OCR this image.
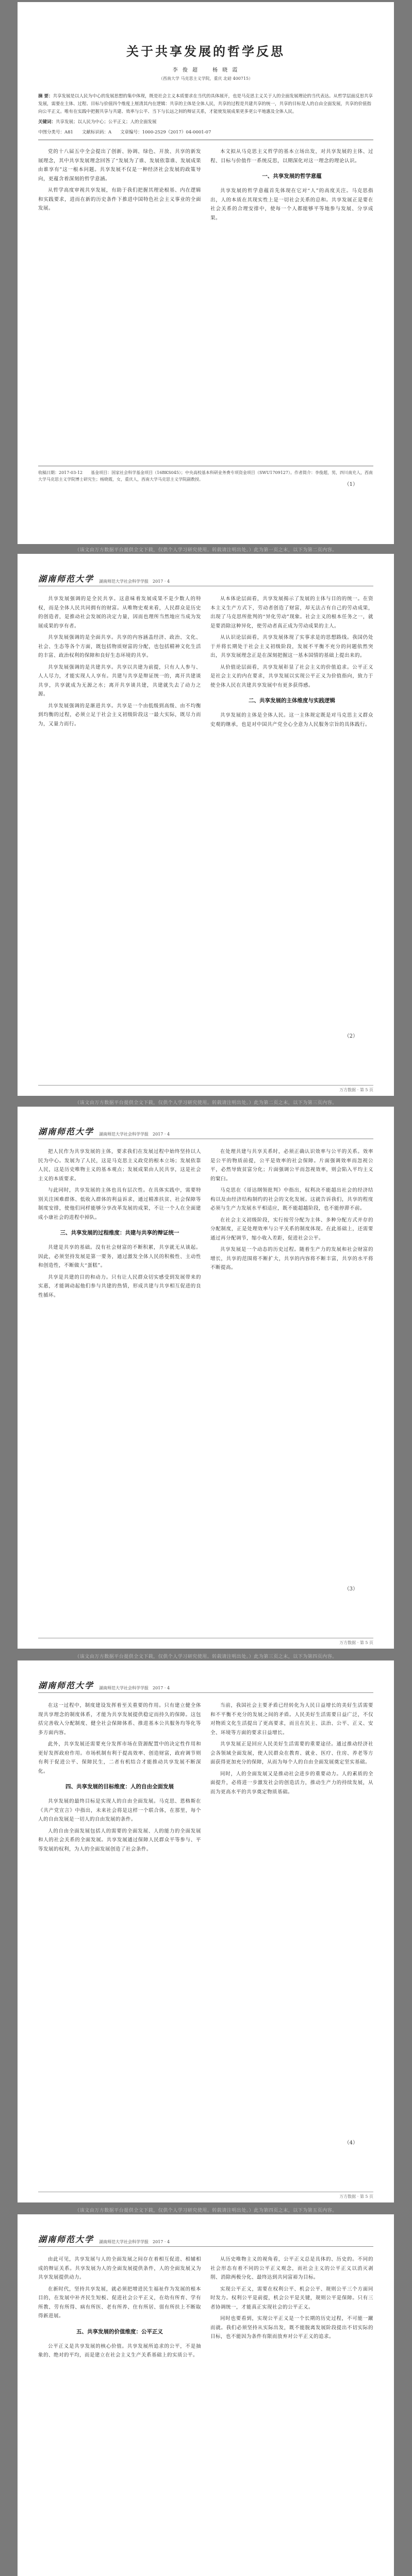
关于共享发展的哲学反思
李 俊 超　　杨 晓 霞
（西南大学 马克思主义学院，重庆 北碚 400715）

摘 要：共享发展是以人民为中心的发展思想的集中体现，既是社会主义本质要求在当代的具体展开，也是马克思主义关于人的全面发展理论的当代表达。从哲学层面反思共享发展，需要在主体、过程、目标与价值四个维度上厘清其内在逻辑：共享的主体是全体人民，共享的过程是共建共享的统一，共享的目标是人的自由全面发展，共享的价值指向公平正义。唯有在实践中把握共享与共建、效率与公平、当下与长远之间的辩证关系，才能使发展成果更多更公平地惠及全体人民。

关键词：共享发展；以人民为中心；公平正义；人的全面发展

中图分类号：A81　　文献标识码：A　　文章编号：1000-2529（2017）04-0001-07

党的十八届五中全会提出了创新、协调、绿色、开放、共享的新发展理念，其中共享发展理念回答了“发展为了谁、发展依靠谁、发展成果由谁享有”这一根本问题。共享发展不仅是一种经济社会发展的政策导向，更蕴含着深刻的哲学意涵。

从哲学高度审视共享发展，有助于我们把握其理论根基、内在逻辑和实践要求，进而在新的历史条件下推进中国特色社会主义事业的全面发展。

本文拟从马克思主义哲学的基本立场出发，对共享发展的主体、过程、目标与价值作一系统反思，以期深化对这一理念的理论认识。

一、共享发展的哲学意蕴

共享发展的哲学意蕴首先体现在它对“人”的高度关注。马克思指出，人的本质在其现实性上是一切社会关系的总和。共享发展正是要在社会关系的合理安排中，使每一个人都能够平等地参与发展、分享成果。

收稿日期：2017-03-12　　基金项目：国家社会科学基金项目（16BKS045）；中央高校基本科研业务费专项资金项目（SWU1709127）。作者简介：李俊超，男，四川南充人，西南大学马克思主义学院博士研究生；杨晓霞，女，重庆人，西南大学马克思主义学院副教授。
（1）
（该文由万方数据平台提供全文下载，仅供个人学习研究使用。转载请注明出处。）此为第一页之末，以下为第二页内容。
湖南师范大学 湖南师范大学社会科学学报　2017 · 4

共享发展强调的是全民共享。这意味着发展成果不是少数人的特权，而是全体人民共同拥有的财富。从唯物史观来看，人民群众是历史的创造者，是推动社会发展的决定力量，因而也理所当然地应当成为发展成果的享有者。

共享发展强调的是全面共享。共享的内容涵盖经济、政治、文化、社会、生态等各个方面，既包括物质财富的分配，也包括精神文化生活的丰富、政治权利的保障和良好生态环境的共享。

共享发展强调的是共建共享。共享以共建为前提，只有人人参与、人人尽力，才能实现人人享有。共建与共享是辩证统一的，离开共建谈共享，共享就成为无源之水；离开共享谈共建，共建就失去了动力之源。

共享发展强调的是渐进共享。共享是一个由低级到高级、由不均衡到均衡的过程，必须立足于社会主义初级阶段这一最大实际，既尽力而为，又量力而行。

从本体论层面看，共享发展揭示了发展的主体与目的的统一。在资本主义生产方式下，劳动者创造了财富，却无法占有自己的劳动成果，出现了马克思所批判的“异化劳动”现象。社会主义的根本任务之一，就是要消除这种异化，使劳动者真正成为劳动成果的主人。

从认识论层面看，共享发展体现了实事求是的思想路线。我国仍处于并将长期处于社会主义初级阶段，发展不平衡不充分的问题依然突出，共享发展理念正是在深刻把握这一基本国情的基础上提出来的。

从价值论层面看，共享发展彰显了社会主义的价值追求。公平正义是社会主义的内在要求，共享发展以实现公平正义为价值指向，致力于使全体人民在共建共享发展中有更多获得感。

二、共享发展的主体维度与实践逻辑

共享发展的主体是全体人民。这一主体规定既是对马克思主义群众史观的继承，也是对中国共产党全心全意为人民服务宗旨的具体践行。

万方数据 · 第 5 页
（2）
（该文由万方数据平台提供全文下载，仅供个人学习研究使用。转载请注明出处。）此为第二页之末，以下为第三页内容。
湖南师范大学 湖南师范大学社会科学学报　2017 · 4

把人民作为共享发展的主体，要求我们在发展过程中始终坚持以人民为中心。发展为了人民，这是马克思主义政党的根本立场；发展依靠人民，这是历史唯物主义的基本观点；发展成果由人民共享，这是社会主义的本质要求。

与此同时，共享发展的主体也具有层次性。在具体实践中，需要特别关注困难群体、低收入群体的利益诉求，通过精准扶贫、社会保障等制度安排，使他们同样能够分享改革发展的成果，不让一个人在全面建成小康社会的进程中掉队。

三、共享发展的过程维度：共建与共享的辩证统一

共建是共享的基础。没有社会财富的不断积累，共享就无从谈起。因此，必须坚持发展是第一要务，通过激发全体人民的积极性、主动性和创造性，不断做大“蛋糕”。

共享是共建的目的和动力。只有让人民群众切实感受到发展带来的实惠，才能调动起他们参与共建的热情，形成共建与共享相互促进的良性循环。

在处理共建与共享关系时，必须正确认识效率与公平的关系。效率是公平的物质前提，公平是效率的社会保障。片面强调效率而忽视公平，必然导致贫富分化；片面强调公平而忽视效率，则会陷入平均主义的窠臼。

马克思在《哥达纲领批判》中指出，权利决不能超出社会的经济结构以及由经济结构制约的社会的文化发展。这就告诉我们，共享的程度必须与生产力发展水平相适应，既不能超越阶段，也不能停滞不前。

在社会主义初级阶段，实行按劳分配为主体、多种分配方式并存的分配制度，正是处理效率与公平关系的制度体现。在此基础上，还需要通过再分配调节，缩小收入差距，促进社会公平。

共享发展是一个动态的历史过程。随着生产力的发展和社会财富的增长，共享的范围将不断扩大，共享的内容将不断丰富，共享的水平将不断提高。

万方数据 · 第 5 页
（3）
（该文由万方数据平台提供全文下载，仅供个人学习研究使用。转载请注明出处。）此为第三页之末，以下为第四页内容。
湖南师范大学 湖南师范大学社会科学学报　2017 · 4

在这一过程中，制度建设发挥着至关重要的作用。只有建立健全体现共享理念的制度体系，才能为共享发展提供稳定而持久的保障。这包括完善收入分配制度、健全社会保障体系、推进基本公共服务均等化等多方面内容。

此外，共享发展还需要充分发挥市场在资源配置中的决定性作用和更好发挥政府作用。市场机制有利于提高效率、创造财富，政府调节则有利于促进公平、保障民生，二者有机结合才能推动共享发展不断深化。

四、共享发展的目标维度：人的自由全面发展

共享发展的最终目标是实现人的自由全面发展。马克思、恩格斯在《共产党宣言》中指出，未来社会将是这样一个联合体，在那里，每个人的自由发展是一切人的自由发展的条件。

人的自由全面发展包括人的需要的全面发展、人的能力的全面发展和人的社会关系的全面发展。共享发展通过保障人民群众平等参与、平等发展的权利，为人的全面发展创造了社会条件。

当前，我国社会主要矛盾已经转化为人民日益增长的美好生活需要和不平衡不充分的发展之间的矛盾。人民美好生活需要日益广泛，不仅对物质文化生活提出了更高要求，而且在民主、法治、公平、正义、安全、环境等方面的要求日益增长。

共享发展正是回应人民美好生活需要的重要途径。通过推动经济社会各领域全面发展，使人民群众在教育、就业、医疗、住房、养老等方面获得更加充分的保障，从而为每个人的自由全面发展奠定坚实基础。

同时，人的全面发展又是推动社会进步的重要动力。人的素质的全面提升，必将进一步激发社会的创造活力，推动生产力的持续发展，从而为更高水平的共享奠定物质基础。

万方数据 · 第 5 页
（4）
（该文由万方数据平台提供全文下载，仅供个人学习研究使用。转载请注明出处。）此为第四页之末，以下为第五页内容。
湖南师范大学 湖南师范大学社会科学学报　2017 · 4

由此可见，共享发展与人的全面发展之间存在着相互促进、相辅相成的辩证关系。共享发展为人的全面发展提供条件，人的全面发展又为共享发展提供动力。

在新时代，坚持共享发展，就必须把增进民生福祉作为发展的根本目的，在发展中补齐民生短板、促进社会公平正义，在幼有所育、学有所教、劳有所得、病有所医、老有所养、住有所居、弱有所扶上不断取得新进展。

五、共享发展的价值维度：公平正义

公平正义是共享发展的核心价值。共享发展所追求的公平，不是抽象的、绝对的平均，而是建立在社会主义生产关系基础上的实质公平。

从历史唯物主义的视角看，公平正义总是具体的、历史的。不同的社会形态有着不同的公平正义观念，而社会主义的公平正义以消灭剥削、消除两极分化、最终达到共同富裕为目标。

实现公平正义，需要在权利公平、机会公平、规则公平三个方面同时发力。权利公平是前提，机会公平是关键，规则公平是保障。只有三者协调统一，才能真正实现社会的公平正义。

同时也要看到，实现公平正义是一个长期的历史过程，不可能一蹴而就。我们必须坚持从实际出发，既不能脱离发展阶段提出不切实际的目标，也不能因为条件有限而放弃对公平正义的追求。
